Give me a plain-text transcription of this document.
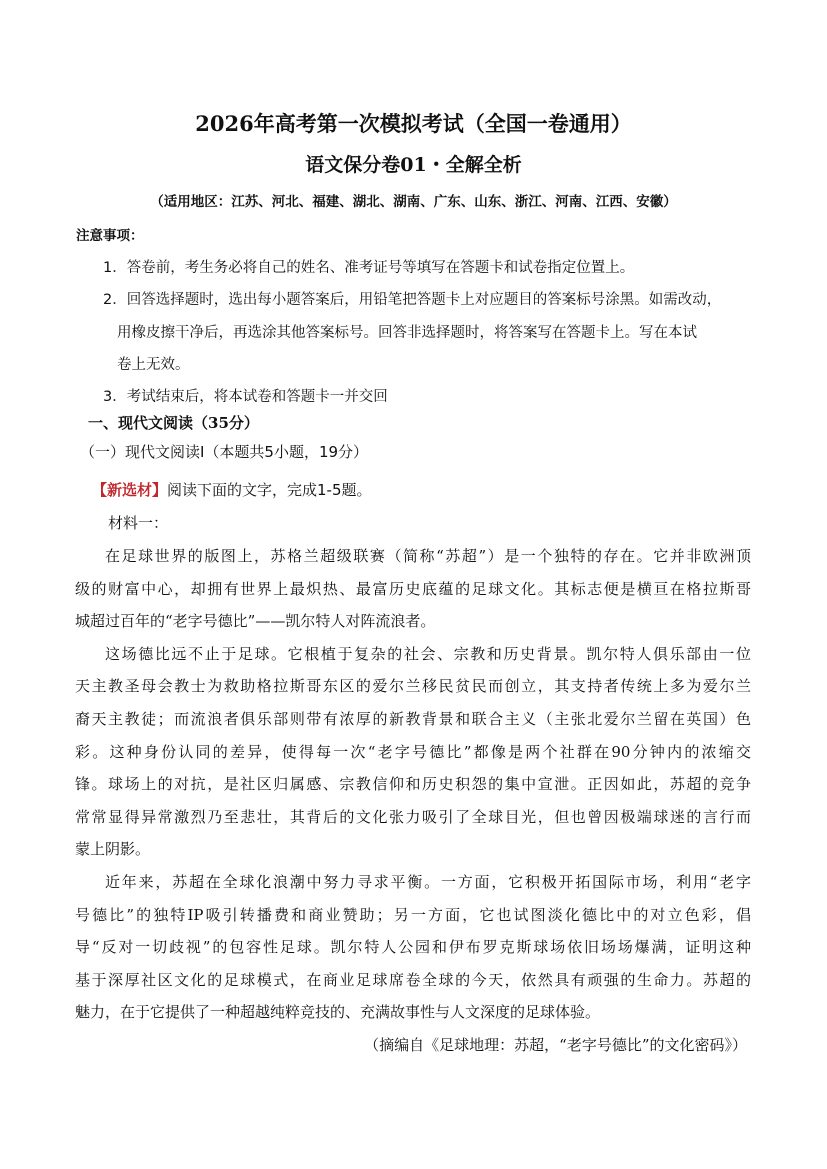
2026年高考第一次模拟考试（全国一卷通用）
语文保分卷01・全解全析
（适用地区：江苏、河北、福建、湖北、湖南、广东、山东、浙江、河南、江西、安徽）
注意事项：
1．答卷前，考生务必将自己的姓名、准考证号等填写在答题卡和试卷指定位置上。
2．回答选择题时，选出每小题答案后，用铅笔把答题卡上对应题目的答案标号涂黑。如需改动，
用橡皮擦干净后，再选涂其他答案标号。回答非选择题时，将答案写在答题卡上。写在本试
卷上无效。
3．考试结束后，将本试卷和答题卡一并交回
一、现代文阅读（35分）
（一）现代文阅读Ⅰ（本题共5小题，19分）
【新选材】阅读下面的文字，完成1-5题。
材料一：
在足球世界的版图上，苏格兰超级联赛（简称“苏超”）是一个独特的存在。它并非欧洲顶
级的财富中心，却拥有世界上最炽热、最富历史底蕴的足球文化。其标志便是横亘在格拉斯哥
城超过百年的“老字号德比”——凯尔特人对阵流浪者。
这场德比远不止于足球。它根植于复杂的社会、宗教和历史背景。凯尔特人俱乐部由一位
天主教圣母会教士为救助格拉斯哥东区的爱尔兰移民贫民而创立，其支持者传统上多为爱尔兰
裔天主教徒；而流浪者俱乐部则带有浓厚的新教背景和联合主义（主张北爱尔兰留在英国）色
彩。这种身份认同的差异，使得每一次“老字号德比”都像是两个社群在90分钟内的浓缩交
锋。球场上的对抗，是社区归属感、宗教信仰和历史积怨的集中宣泄。正因如此，苏超的竞争
常常显得异常激烈乃至悲壮，其背后的文化张力吸引了全球目光，但也曾因极端球迷的言行而
蒙上阴影。
近年来，苏超在全球化浪潮中努力寻求平衡。一方面，它积极开拓国际市场，利用“老字
号德比”的独特IP吸引转播费和商业赞助；另一方面，它也试图淡化德比中的对立色彩，倡
导“反对一切歧视”的包容性足球。凯尔特人公园和伊布罗克斯球场依旧场场爆满，证明这种
基于深厚社区文化的足球模式，在商业足球席卷全球的今天，依然具有顽强的生命力。苏超的
魅力，在于它提供了一种超越纯粹竞技的、充满故事性与人文深度的足球体验。
（摘编自《足球地理：苏超，“老字号德比”的文化密码》）
